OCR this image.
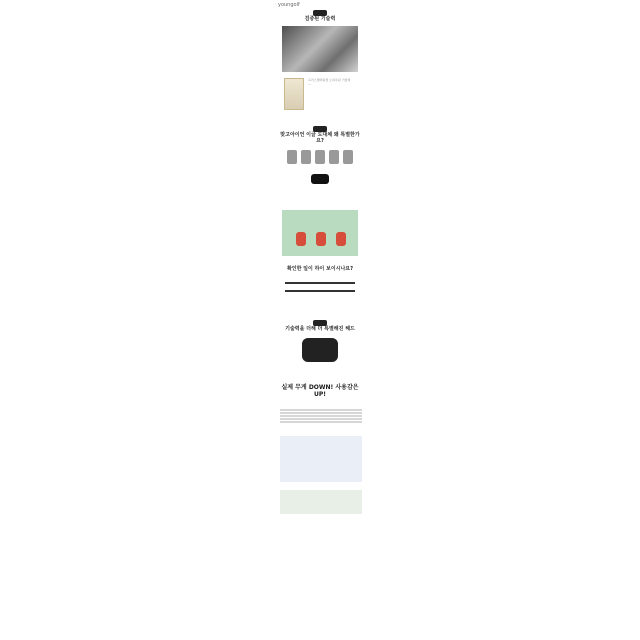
youngolf
검증된 기술력
프리스젤리판정 노하우된 기술력
—
맞고아이언 이글 도대체 왜 특별한가요?
확인한 일이 하이 보이시나요?
기술력을 더해 더 특별해진 헤드
실제 무게 DOWN! 사용감은 UP!
